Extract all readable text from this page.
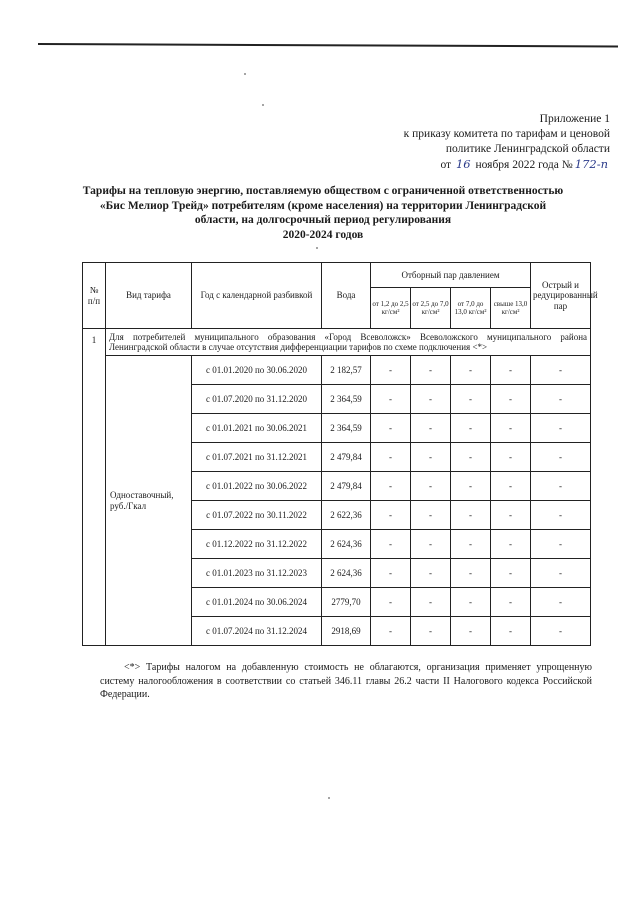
Приложение 1
к приказу комитета по тарифам и ценовой
политике Ленинградской области
от 16 ноября 2022 года № 172-п
Тарифы на тепловую энергию, поставляемую обществом с ограниченной ответственностью
«Бис Мелиор Трейд» потребителям (кроме населения) на территории Ленинградской
области, на долгосрочный период регулирования
2020-2024 годов
№ п/п	Вид тарифа	Год с календарной разбивкой	Вода	Отборный пар давлением				Острый и редуцированный пар
				от 1,2 до 2,5 кг/см²	от 2,5 до 7,0 кг/см²	от 7,0 до 13,0 кг/см²	свыше 13,0 кг/см²	
1	Для потребителей муниципального образования «Город Всеволожск» Всеволожского муниципального района Ленинградской области в случае отсутствия дифференциации тарифов по схеме подключения <*>							
	Одноставочный, руб./Гкал	с 01.01.2020 по 30.06.2020	2 182,57	-	-	-	-	-
		с 01.07.2020 по 31.12.2020	2 364,59	-	-	-	-	-
		с 01.01.2021 по 30.06.2021	2 364,59	-	-	-	-	-
		с 01.07.2021 по 31.12.2021	2 479,84	-	-	-	-	-
		с 01.01.2022 по 30.06.2022	2 479,84	-	-	-	-	-
		с 01.07.2022 по 30.11.2022	2 622,36	-	-	-	-	-
		с 01.12.2022 по 31.12.2022	2 624,36	-	-	-	-	-
		с 01.01.2023 по 31.12.2023	2 624,36	-	-	-	-	-
		с 01.01.2024 по 30.06.2024	2779,70	-	-	-	-	-
		с 01.07.2024 по 31.12.2024	2918,69	-	-	-	-	-
<*> Тарифы налогом на добавленную стоимость не облагаются, организация применяет упрощенную систему налогообложения в соответствии со статьей 346.11 главы 26.2 части II Налогового кодекса Российской Федерации.
